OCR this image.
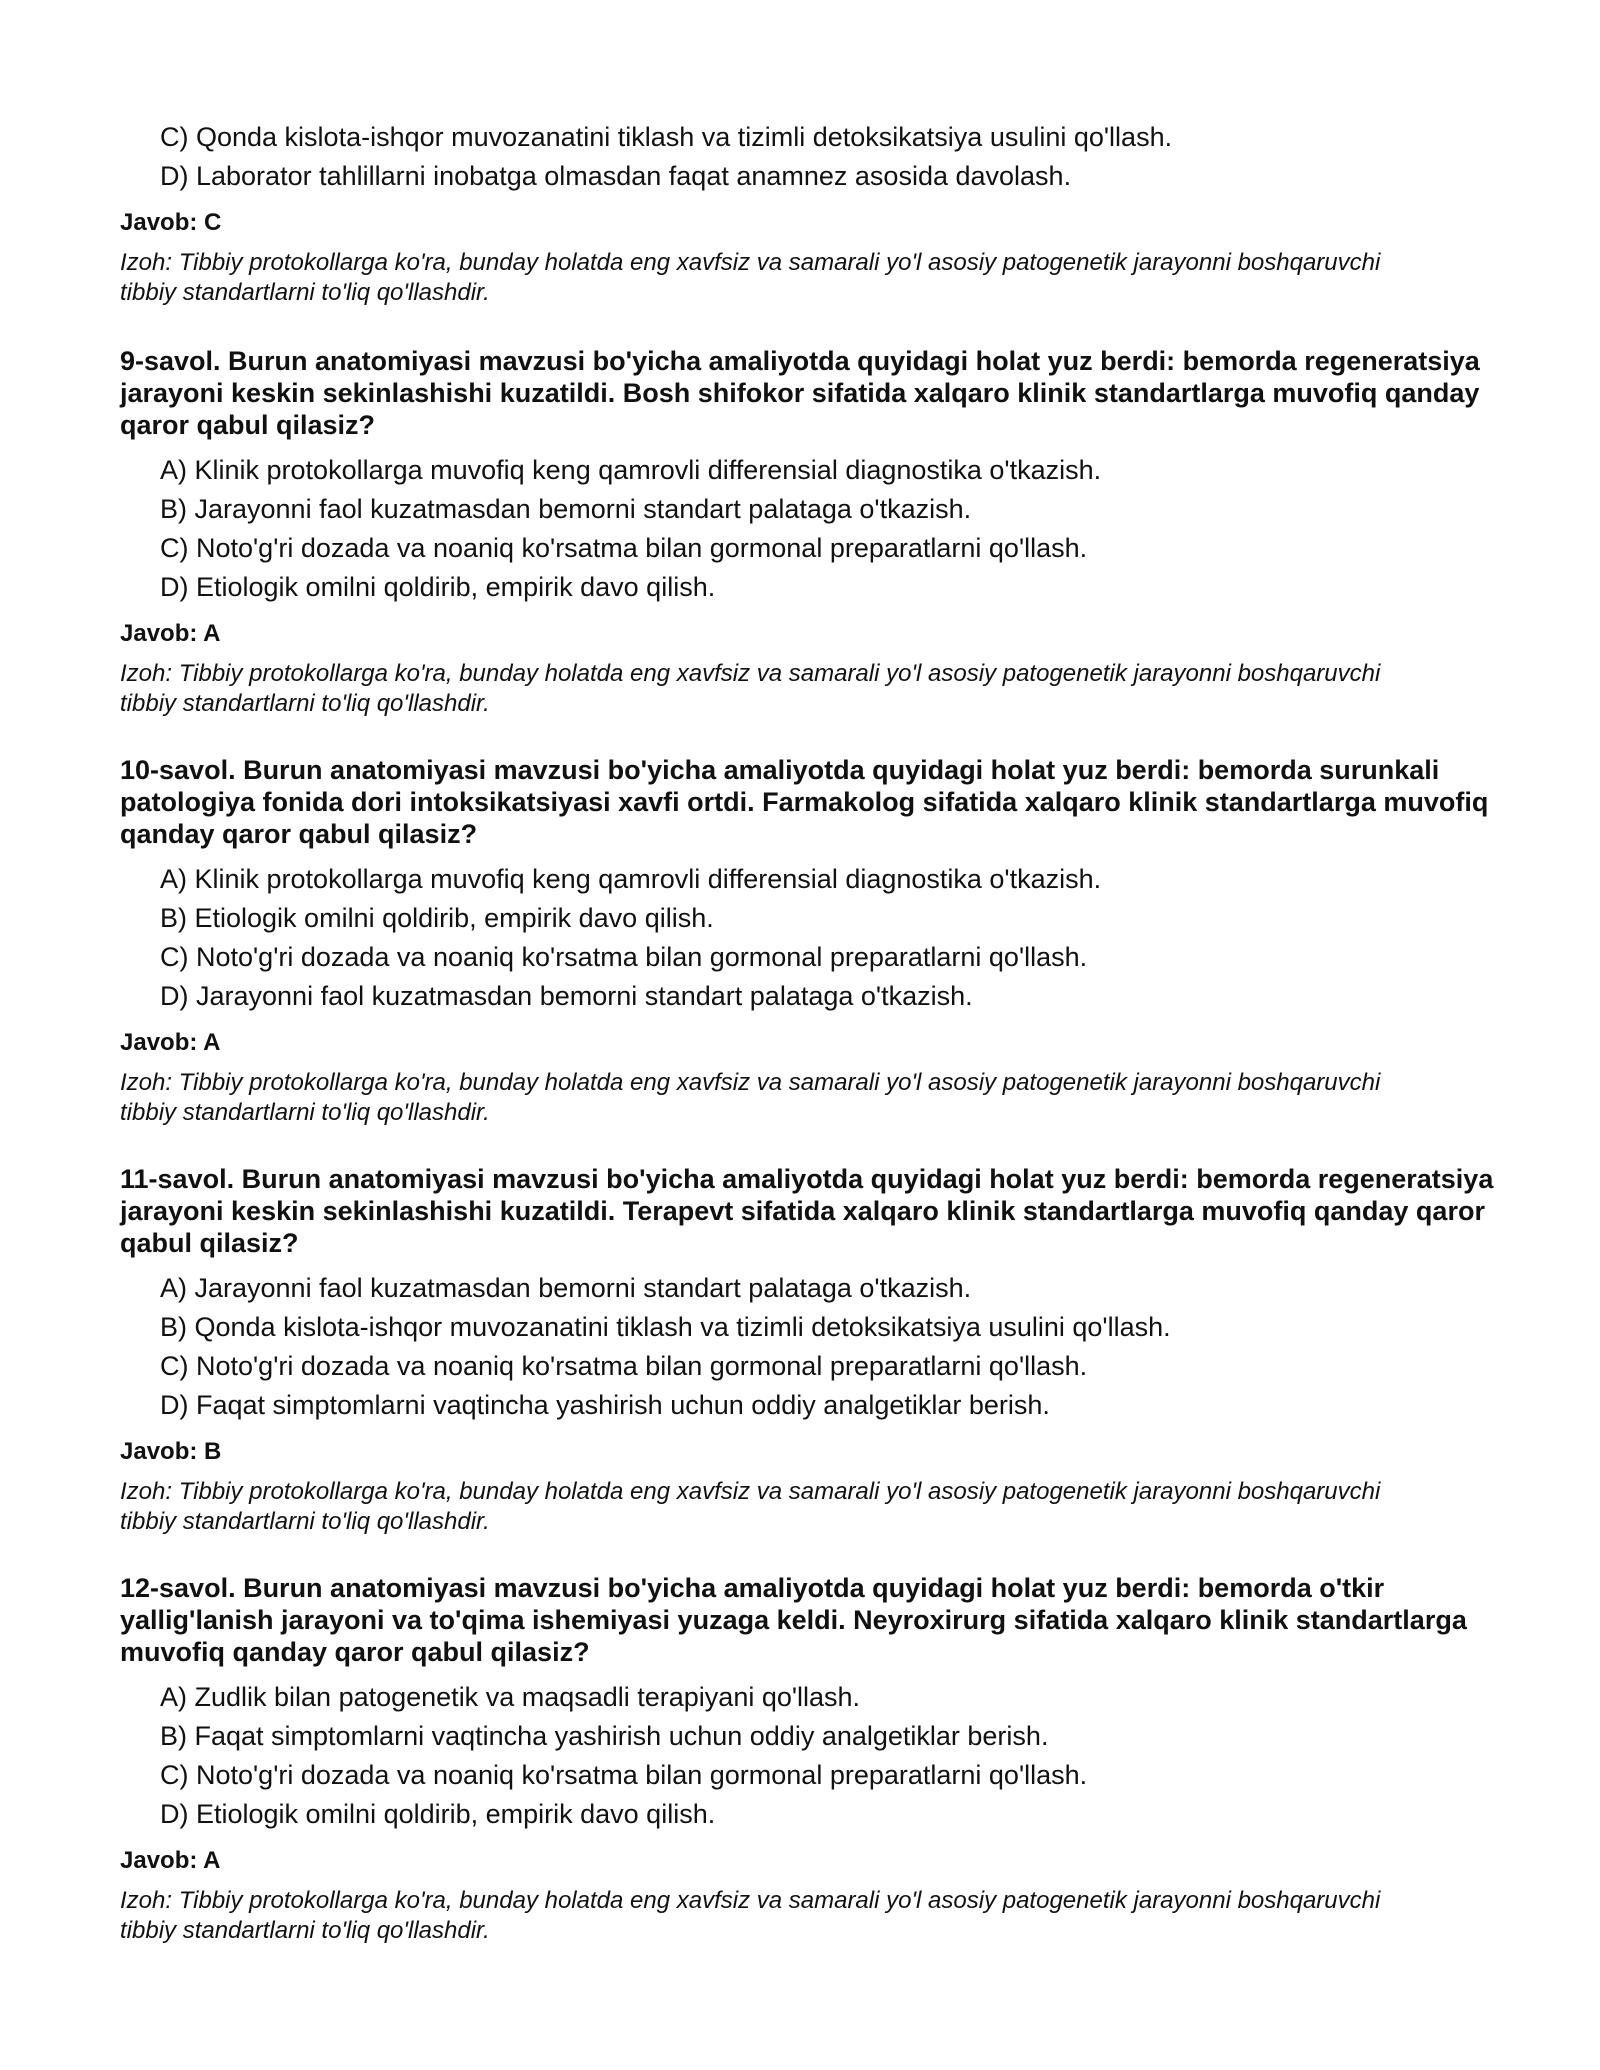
C) Qonda kislota-ishqor muvozanatini tiklash va tizimli detoksikatsiya usulini qo'llash.

D) Laborator tahlillarni inobatga olmasdan faqat anamnez asosida davolash.

Javob: C

Izoh: Tibbiy protokollarga ko'ra, bunday holatda eng xavfsiz va samarali yo'l asosiy patogenetik jarayonni boshqaruvchi tibbiy standartlarni to'liq qo'llashdir.

9-savol. Burun anatomiyasi mavzusi bo'yicha amaliyotda quyidagi holat yuz berdi: bemorda regeneratsiya jarayoni keskin sekinlashishi kuzatildi. Bosh shifokor sifatida xalqaro klinik standartlarga muvofiq qanday qaror qabul qilasiz?

A) Klinik protokollarga muvofiq keng qamrovli differensial diagnostika o'tkazish.

B) Jarayonni faol kuzatmasdan bemorni standart palataga o'tkazish.

C) Noto'g'ri dozada va noaniq ko'rsatma bilan gormonal preparatlarni qo'llash.

D) Etiologik omilni qoldirib, empirik davo qilish.

Javob: A

Izoh: Tibbiy protokollarga ko'ra, bunday holatda eng xavfsiz va samarali yo'l asosiy patogenetik jarayonni boshqaruvchi tibbiy standartlarni to'liq qo'llashdir.

10-savol. Burun anatomiyasi mavzusi bo'yicha amaliyotda quyidagi holat yuz berdi: bemorda surunkali patologiya fonida dori intoksikatsiyasi xavfi ortdi. Farmakolog sifatida xalqaro klinik standartlarga muvofiq qanday qaror qabul qilasiz?

A) Klinik protokollarga muvofiq keng qamrovli differensial diagnostika o'tkazish.

B) Etiologik omilni qoldirib, empirik davo qilish.

C) Noto'g'ri dozada va noaniq ko'rsatma bilan gormonal preparatlarni qo'llash.

D) Jarayonni faol kuzatmasdan bemorni standart palataga o'tkazish.

Javob: A

Izoh: Tibbiy protokollarga ko'ra, bunday holatda eng xavfsiz va samarali yo'l asosiy patogenetik jarayonni boshqaruvchi tibbiy standartlarni to'liq qo'llashdir.

11-savol. Burun anatomiyasi mavzusi bo'yicha amaliyotda quyidagi holat yuz berdi: bemorda regeneratsiya jarayoni keskin sekinlashishi kuzatildi. Terapevt sifatida xalqaro klinik standartlarga muvofiq qanday qaror qabul qilasiz?

A) Jarayonni faol kuzatmasdan bemorni standart palataga o'tkazish.

B) Qonda kislota-ishqor muvozanatini tiklash va tizimli detoksikatsiya usulini qo'llash.

C) Noto'g'ri dozada va noaniq ko'rsatma bilan gormonal preparatlarni qo'llash.

D) Faqat simptomlarni vaqtincha yashirish uchun oddiy analgetiklar berish.

Javob: B

Izoh: Tibbiy protokollarga ko'ra, bunday holatda eng xavfsiz va samarali yo'l asosiy patogenetik jarayonni boshqaruvchi tibbiy standartlarni to'liq qo'llashdir.

12-savol. Burun anatomiyasi mavzusi bo'yicha amaliyotda quyidagi holat yuz berdi: bemorda o'tkir yallig'lanish jarayoni va to'qima ishemiyasi yuzaga keldi. Neyroxirurg sifatida xalqaro klinik standartlarga muvofiq qanday qaror qabul qilasiz?

A) Zudlik bilan patogenetik va maqsadli terapiyani qo'llash.

B) Faqat simptomlarni vaqtincha yashirish uchun oddiy analgetiklar berish.

C) Noto'g'ri dozada va noaniq ko'rsatma bilan gormonal preparatlarni qo'llash.

D) Etiologik omilni qoldirib, empirik davo qilish.

Javob: A

Izoh: Tibbiy protokollarga ko'ra, bunday holatda eng xavfsiz va samarali yo'l asosiy patogenetik jarayonni boshqaruvchi tibbiy standartlarni to'liq qo'llashdir.
